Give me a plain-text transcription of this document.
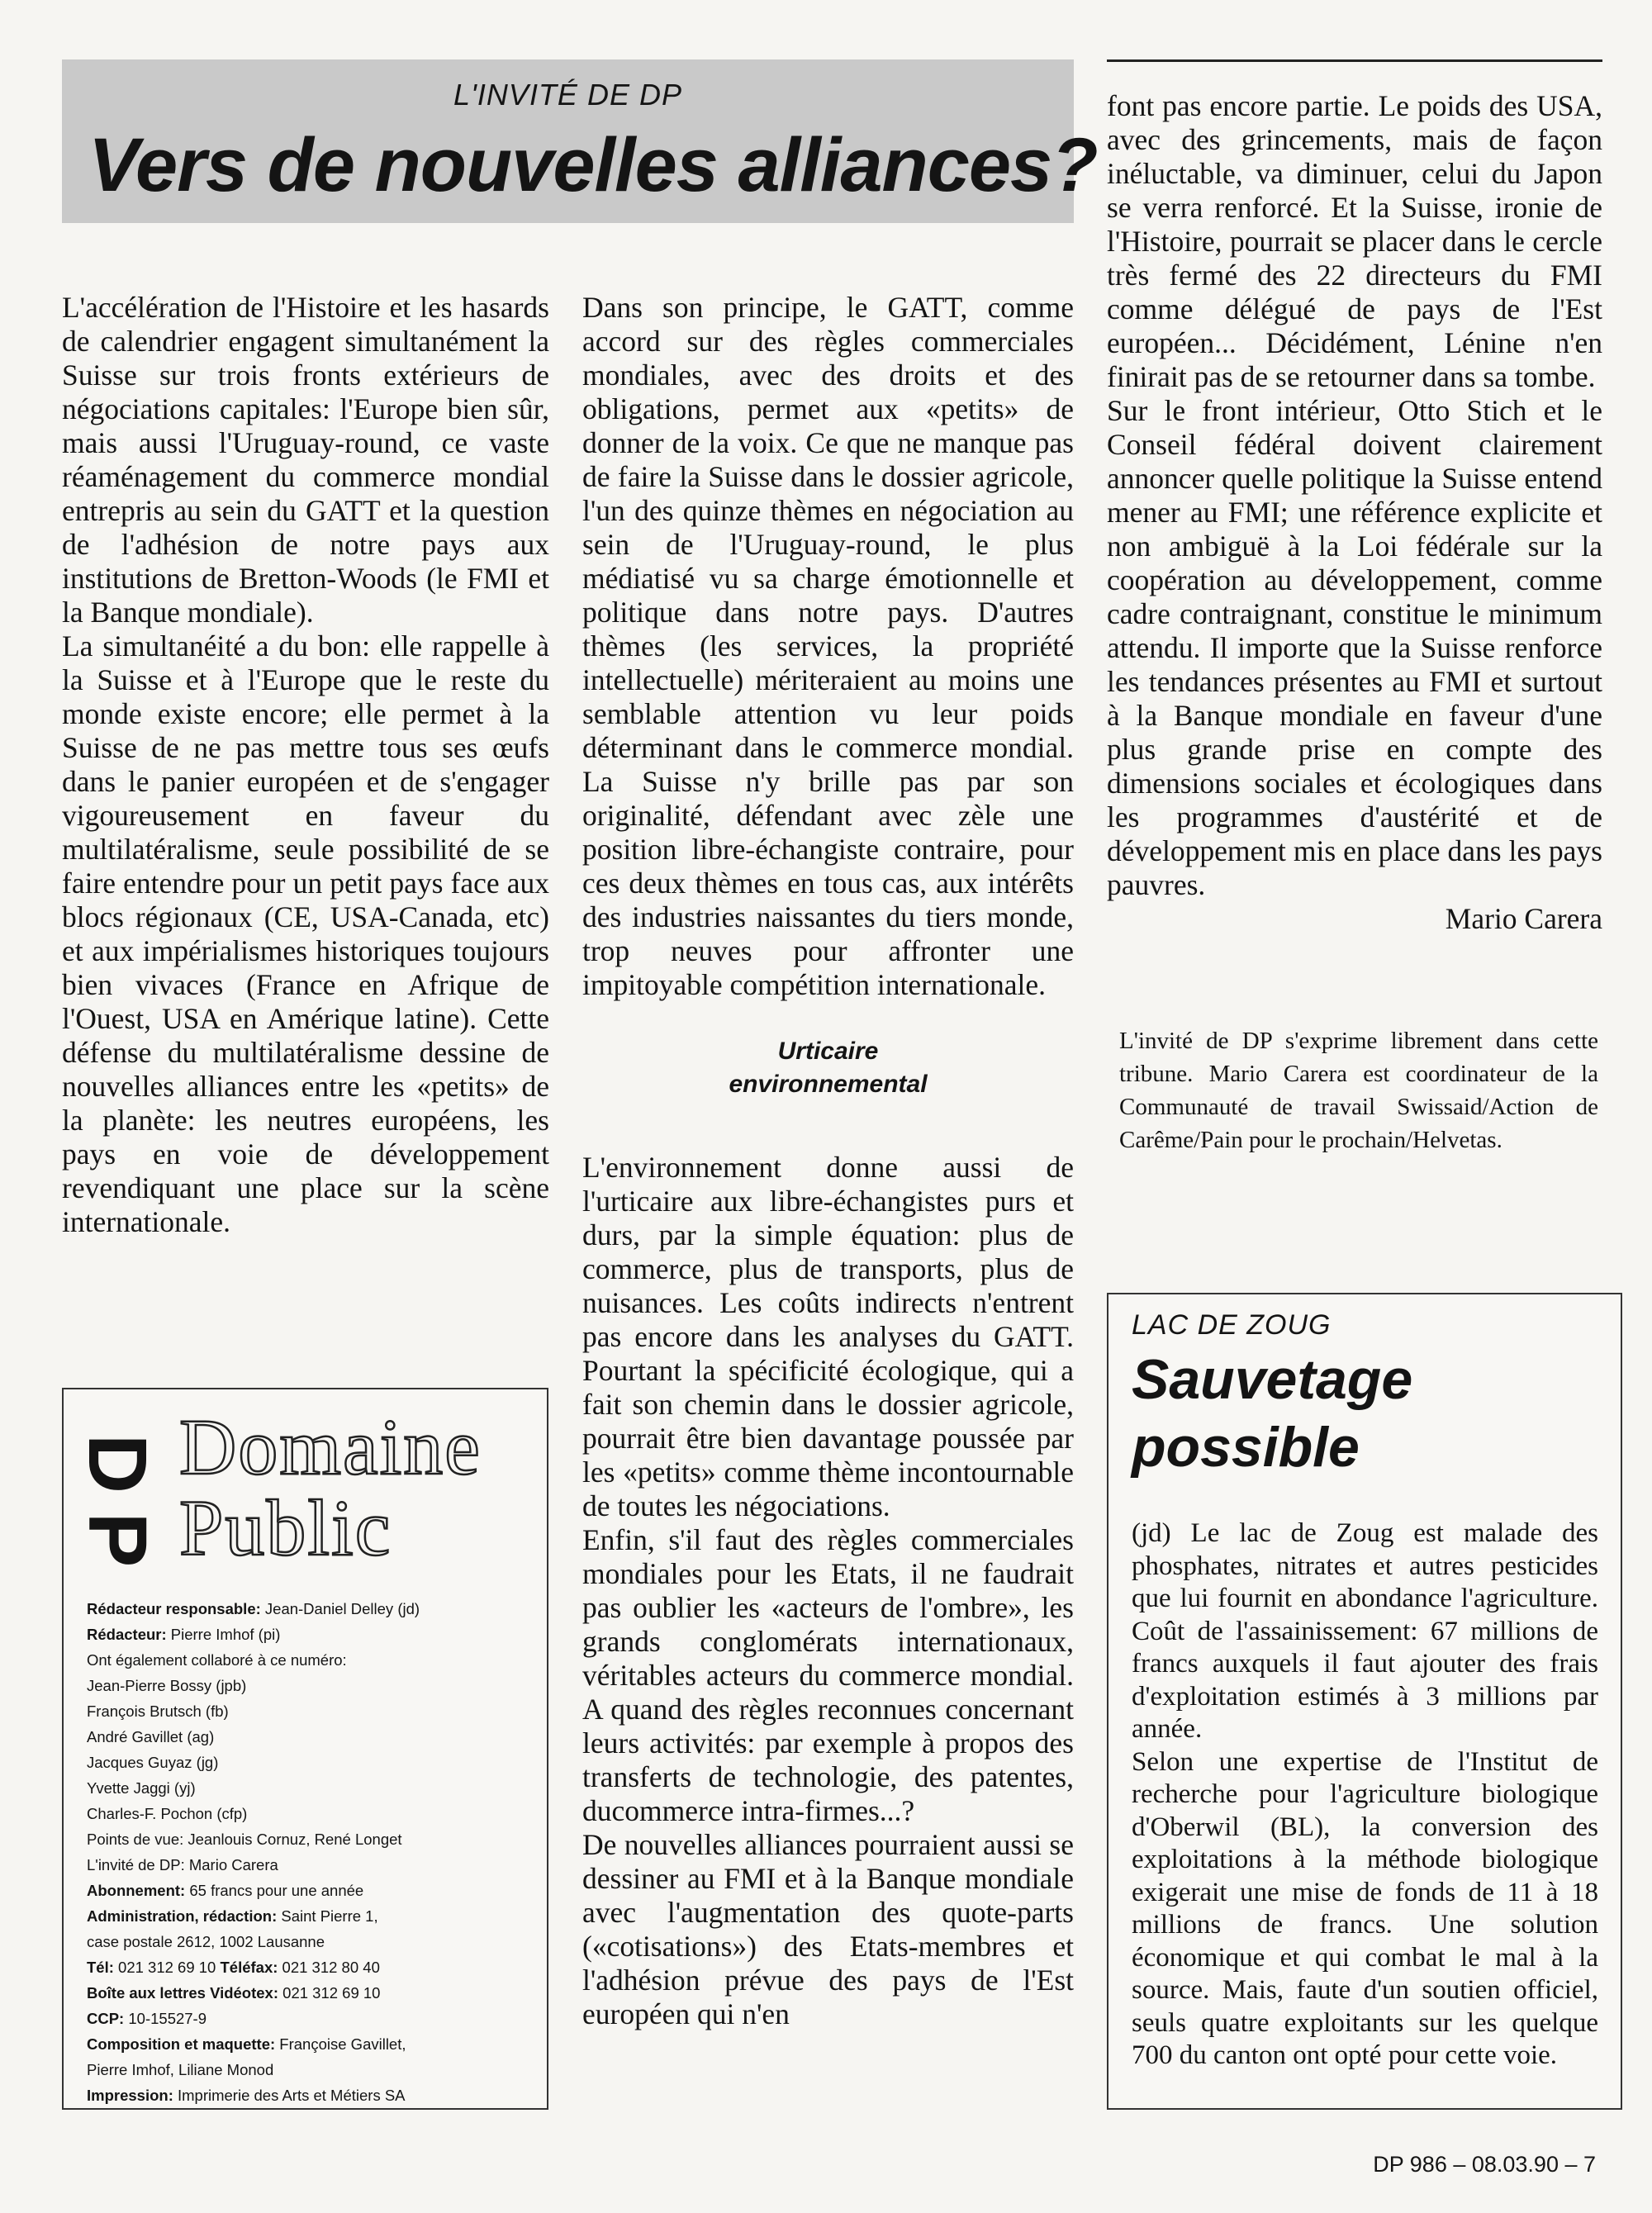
L'INVITÉ DE DP
Vers de nouvelles alliances?

L'accélération de l'Histoire et les hasards de calendrier engagent simultanément la Suisse sur trois fronts extérieurs de négociations capitales: l'Europe bien sûr, mais aussi l'Uruguay-round, ce vaste réaménagement du commerce mondial entrepris au sein du GATT et la question de l'adhésion de notre pays aux institutions de Bretton-Woods (le FMI et la Banque mondiale).

La simultanéité a du bon: elle rappelle à la Suisse et à l'Europe que le reste du monde existe encore; elle permet à la Suisse de ne pas mettre tous ses œufs dans le panier européen et de s'engager vigoureusement en faveur du multilatéralisme, seule possibilité de se faire entendre pour un petit pays face aux blocs régionaux (CE, USA-Canada, etc) et aux impérialismes historiques toujours bien vivaces (France en Afrique de l'Ouest, USA en Amérique latine). Cette défense du multilatéralisme dessine de nouvelles alliances entre les «petits» de la planète: les neutres européens, les pays en voie de développement revendiquant une place sur la scène internationale.

Dans son principe, le GATT, comme accord sur des règles commerciales mondiales, avec des droits et des obligations, permet aux «petits» de donner de la voix. Ce que ne manque pas de faire la Suisse dans le dossier agricole, l'un des quinze thèmes en négociation au sein de l'Uruguay-round, le plus médiatisé vu sa charge émotionnelle et politique dans notre pays. D'autres thèmes (les services, la propriété intellectuelle) mériteraient au moins une semblable attention vu leur poids déterminant dans le commerce mondial. La Suisse n'y brille pas par son originalité, défendant avec zèle une position libre-échangiste contraire, pour ces deux thèmes en tous cas, aux intérêts des industries naissantes du tiers monde, trop neuves pour affronter une impitoyable compétition internationale.

Urticaire
environnemental

L'environnement donne aussi de l'urticaire aux libre-échangistes purs et durs, par la simple équation: plus de commerce, plus de transports, plus de nuisances. Les coûts indirects n'entrent pas encore dans les analyses du GATT. Pourtant la spécificité écologique, qui a fait son chemin dans le dossier agricole, pourrait être bien davantage poussée par les «petits» comme thème incontournable de toutes les négociations.

Enfin, s'il faut des règles commerciales mondiales pour les Etats, il ne faudrait pas oublier les «acteurs de l'ombre», les grands conglomérats internationaux, véritables acteurs du commerce mondial. A quand des règles reconnues concernant leurs activités: par exemple à propos des transferts de technologie, des patentes, ducommerce intra-firmes...?

De nouvelles alliances pourraient aussi se dessiner au FMI et à la Banque mondiale avec l'augmentation des quote-parts («cotisations») des Etats-membres et l'adhésion prévue des pays de l'Est européen qui n'en

font pas encore partie. Le poids des USA, avec des grincements, mais de façon inéluctable, va diminuer, celui du Japon se verra renforcé. Et la Suisse, ironie de l'Histoire, pourrait se placer dans le cercle très fermé des 22 directeurs du FMI comme délégué de pays de l'Est européen... Décidément, Lénine n'en finirait pas de se retourner dans sa tombe.

Sur le front intérieur, Otto Stich et le Conseil fédéral doivent clairement annoncer quelle politique la Suisse entend mener au FMI; une référence explicite et non ambiguë à la Loi fédérale sur la coopération au développement, comme cadre contraignant, constitue le minimum attendu. Il importe que la Suisse renforce les tendances présentes au FMI et surtout à la Banque mondiale en faveur d'une plus grande prise en compte des dimensions sociales et écologiques dans les programmes d'austérité et de développement mis en place dans les pays pauvres.

Mario Carera

L'invité de DP s'exprime librement dans cette tribune. Mario Carera est coordinateur de la Communauté de travail Swissaid/Action de Carême/Pain pour le prochain/Helvetas.
D
P
Domaine
Public
Rédacteur responsable: Jean-Daniel Delley (jd)
Rédacteur: Pierre Imhof (pi)
Ont également collaboré à ce numéro:
Jean-Pierre Bossy (jpb)
François Brutsch (fb)
André Gavillet (ag)
Jacques Guyaz (jg)
Yvette Jaggi (yj)
Charles-F. Pochon (cfp)
Points de vue: Jeanlouis Cornuz, René Longet
L'invité de DP: Mario Carera
Abonnement: 65 francs pour une année
Administration, rédaction: Saint Pierre 1,
case postale 2612, 1002 Lausanne
Tél: 021 312 69 10 Téléfax: 021 312 80 40
Boîte aux lettres Vidéotex: 021 312 69 10
CCP: 10-15527-9
Composition et maquette: Françoise Gavillet,
Pierre Imhof, Liliane Monod
Impression: Imprimerie des Arts et Métiers SA
LAC DE ZOUG
Sauvetage
possible

(jd) Le lac de Zoug est malade des phosphates, nitrates et autres pesticides que lui fournit en abondance l'agriculture. Coût de l'assainissement: 67 millions de francs auxquels il faut ajouter des frais d'exploitation estimés à 3 millions par année.

Selon une expertise de l'Institut de recherche pour l'agriculture biologique d'Oberwil (BL), la conversion des exploitations à la méthode biologique exigerait une mise de fonds de 11 à 18 millions de francs. Une solution économique et qui combat le mal à la source. Mais, faute d'un soutien officiel, seuls quatre exploitants sur les quelque 700 du canton ont opté pour cette voie.

DP 986 – 08.03.90 – 7
